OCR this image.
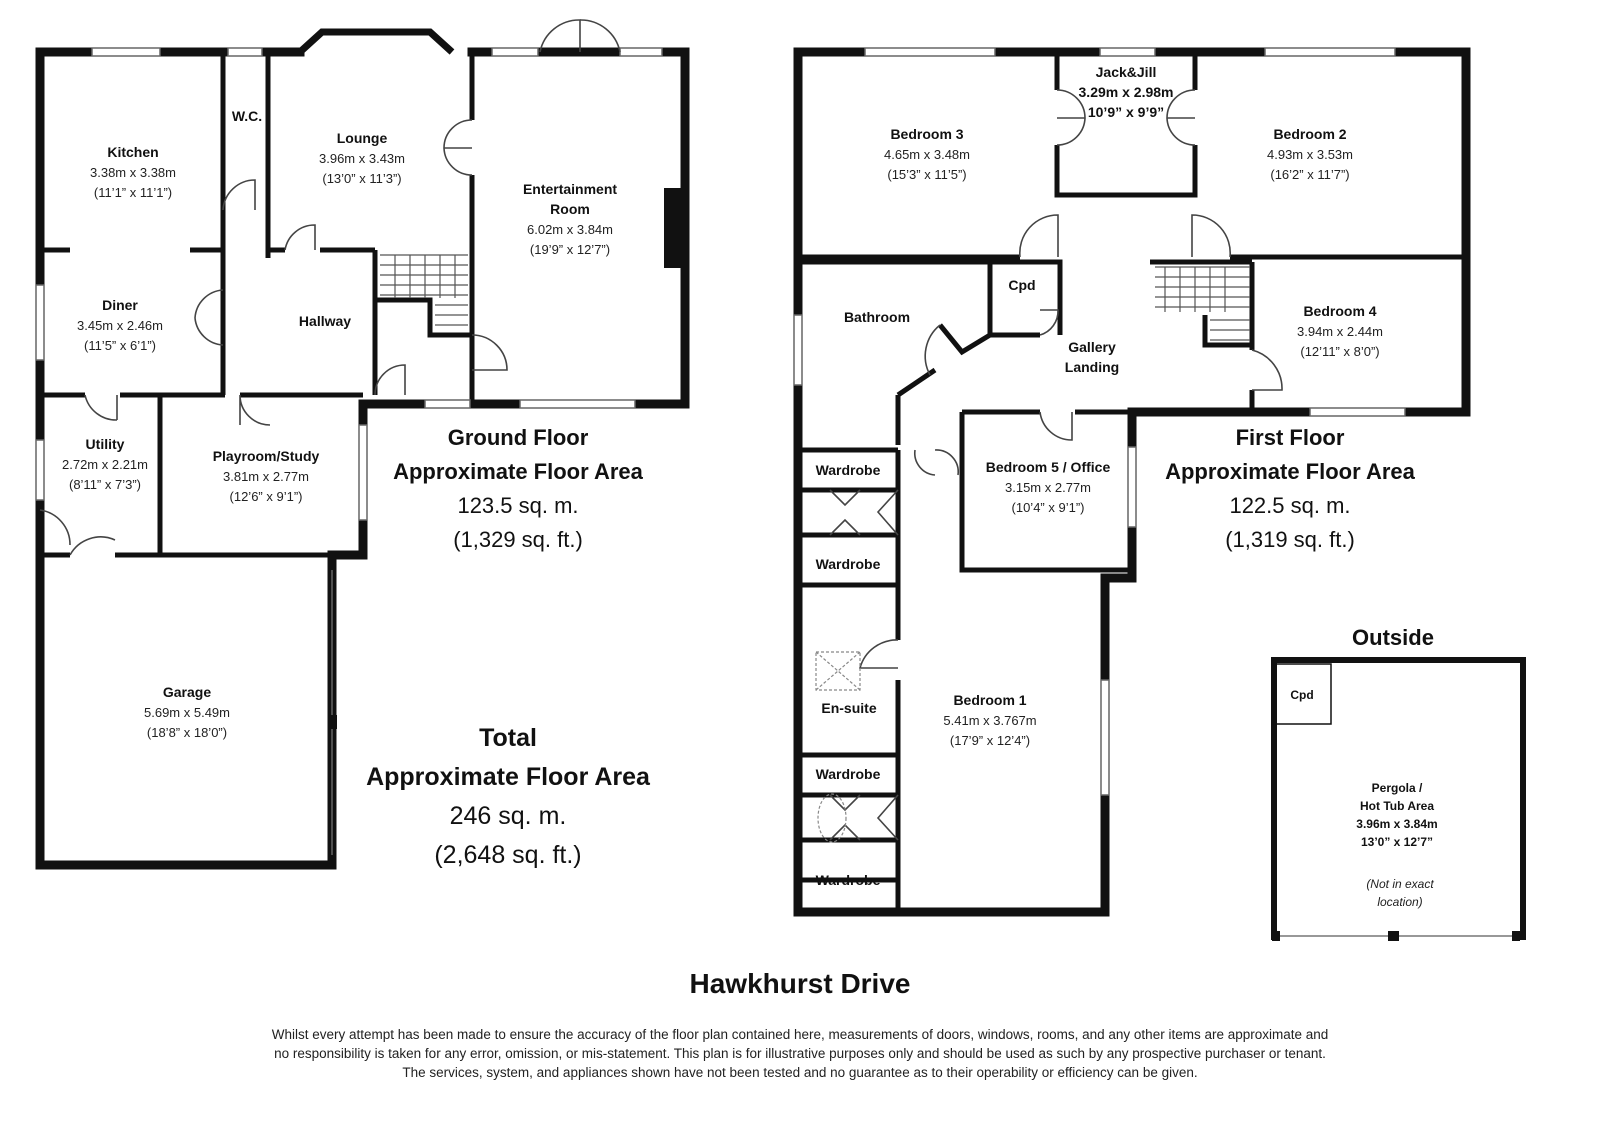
Kitchen
3.38m x 3.38m
(11’1” x 11’1”)
W.C.
Lounge
3.96m x 3.43m
(13’0” x 11’3”)
Entertainment
Room
6.02m x 3.84m
(19’9” x 12’7”)
Diner
3.45m x 2.46m
(11’5” x 6’1”)
Hallway
Utility
2.72m x 2.21m
(8’11” x 7’3”)
Playroom/Study
3.81m x 2.77m
(12’6” x 9’1”)
Garage
5.69m x 5.49m
(18’8” x 18’0”)
Ground Floor
Approximate Floor Area
123.5 sq. m.
(1,329 sq. ft.)
Total
Approximate Floor Area
246 sq. m.
(2,648 sq. ft.)
Bedroom 3
4.65m x 3.48m
(15’3” x 11’5”)
Jack&Jill
3.29m x 2.98m
10’9” x 9’9”
Bedroom 2
4.93m x 3.53m
(16’2” x 11’7”)
Bathroom
Cpd
Gallery
Landing
Bedroom 4
3.94m x 2.44m
(12’11” x 8’0”)
Bedroom 5 / Office
3.15m x 2.77m
(10’4” x 9’1”)
Wardrobe
Wardrobe
Wardrobe
Wardrobe
En-suite	Bedroom 1
5.41m x 3.767m
(17’9” x 12’4”)
First Floor
Approximate Floor Area
122.5 sq. m.
(1,319 sq. ft.)
Outside
Cpd
Pergola /
Hot Tub Area
3.96m x 3.84m
13’0” x 12’7”
(Not in exact
location)
Hawkhurst Drive
Whilst every attempt has been made to ensure the accuracy of the floor plan contained here, measurements of doors, windows, rooms, and any other items are approximate and
no responsibility is taken for any error, omission, or mis-statement. This plan is for illustrative purposes only and should be used as such by any prospective purchaser or tenant.
The services, system, and appliances shown have not been tested and no guarantee as to their operability or efficiency can be given.
